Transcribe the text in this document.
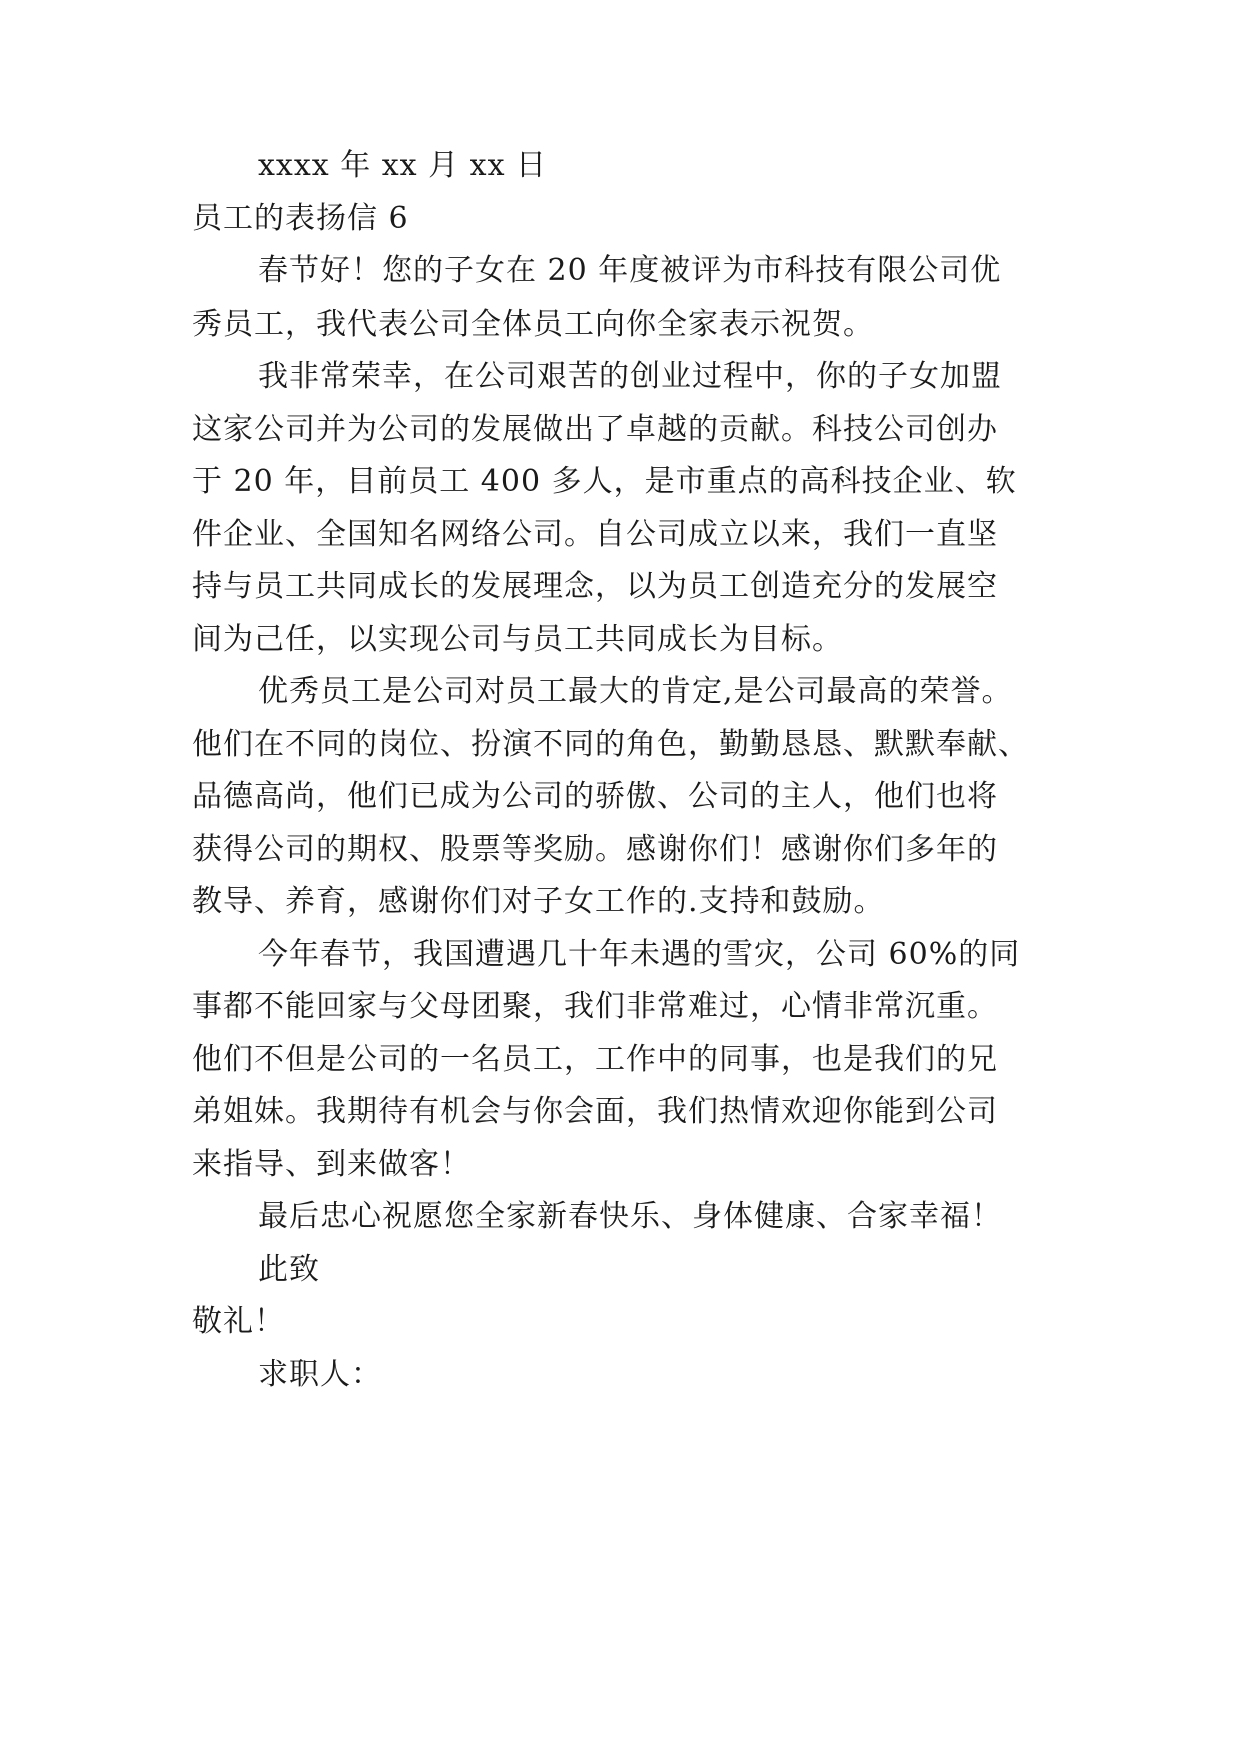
xxxx 年 xx 月 xx 日
员工的表扬信 6
春节好！您的子女在 20 年度被评为市科技有限公司优
秀员工，我代表公司全体员工向你全家表示祝贺。
我非常荣幸，在公司艰苦的创业过程中，你的子女加盟
这家公司并为公司的发展做出了卓越的贡献。科技公司创办
于 20 年，目前员工 400 多人，是市重点的高科技企业、软
件企业、全国知名网络公司。自公司成立以来，我们一直坚
持与员工共同成长的发展理念，以为员工创造充分的发展空
间为己任，以实现公司与员工共同成长为目标。
优秀员工是公司对员工最大的肯定,是公司最高的荣誉。
他们在不同的岗位、扮演不同的角色，勤勤恳恳、默默奉献、
品德高尚，他们已成为公司的骄傲、公司的主人，他们也将
获得公司的期权、股票等奖励。感谢你们！感谢你们多年的
教导、养育，感谢你们对子女工作的.支持和鼓励。
今年春节，我国遭遇几十年未遇的雪灾，公司 60%的同
事都不能回家与父母团聚，我们非常难过，心情非常沉重。
他们不但是公司的一名员工，工作中的同事，也是我们的兄
弟姐妹。我期待有机会与你会面，我们热情欢迎你能到公司
来指导、到来做客！
最后忠心祝愿您全家新春快乐、身体健康、合家幸福！
此致
敬礼！
求职人：
